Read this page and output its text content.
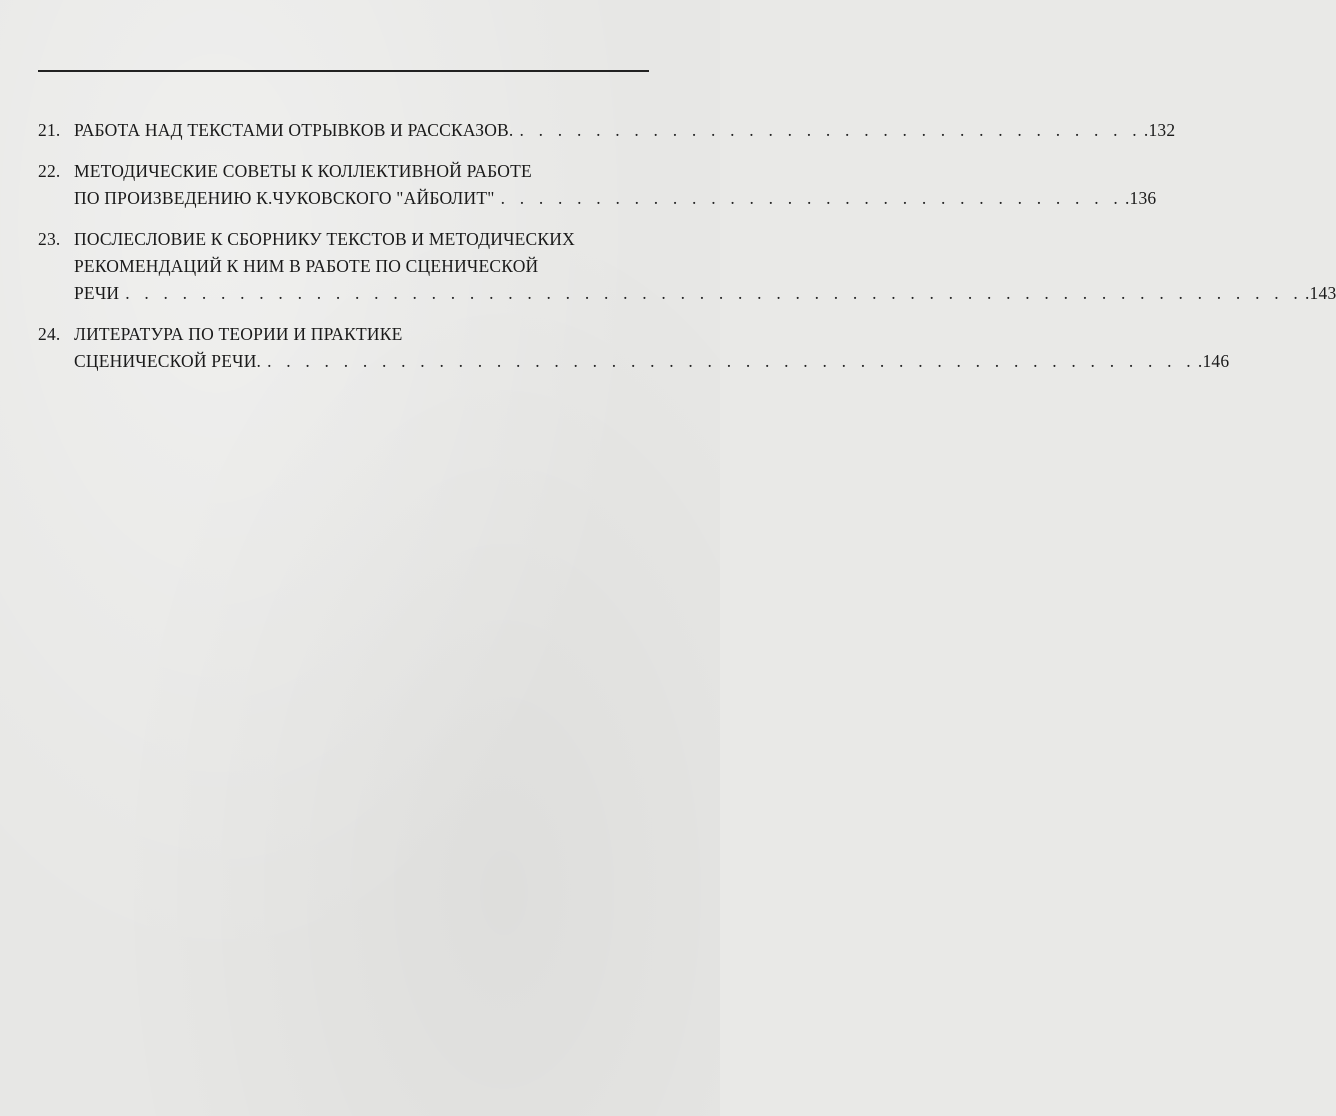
21. РАБОТА НАД ТЕКСТАМИ ОТРЫВКОВ И РАССКАЗОВ. . . . . . . . . . . . . . . . . . . . . . . . . . . . . . . . . . .132
22. МЕТОДИЧЕСКИЕ СОВЕТЫ К КОЛЛЕКТИВНОЙ РАБОТЕ
ПО ПРОИЗВЕДЕНИЮ К.ЧУКОВСКОГО "АЙБОЛИТ" . . . . . . . . . . . . . . . . . . . . . . . . . . . . . . . . . .136
23. ПОСЛЕСЛОВИЕ К СБОРНИКУ ТЕКСТОВ И МЕТОДИЧЕСКИХ
РЕКОМЕНДАЦИЙ К НИМ В РАБОТЕ ПО СЦЕНИЧЕСКОЙ
РЕЧИ . . . . . . . . . . . . . . . . . . . . . . . . . . . . . . . . . . . . . . . . . . . . . . . . . . . . . . . . . . . . . . .143
24. ЛИТЕРАТУРА ПО ТЕОРИИ И ПРАКТИКЕ
СЦЕНИЧЕСКОЙ РЕЧИ. . . . . . . . . . . . . . . . . . . . . . . . . . . . . . . . . . . . . . . . . . . . . . . . . . .146
